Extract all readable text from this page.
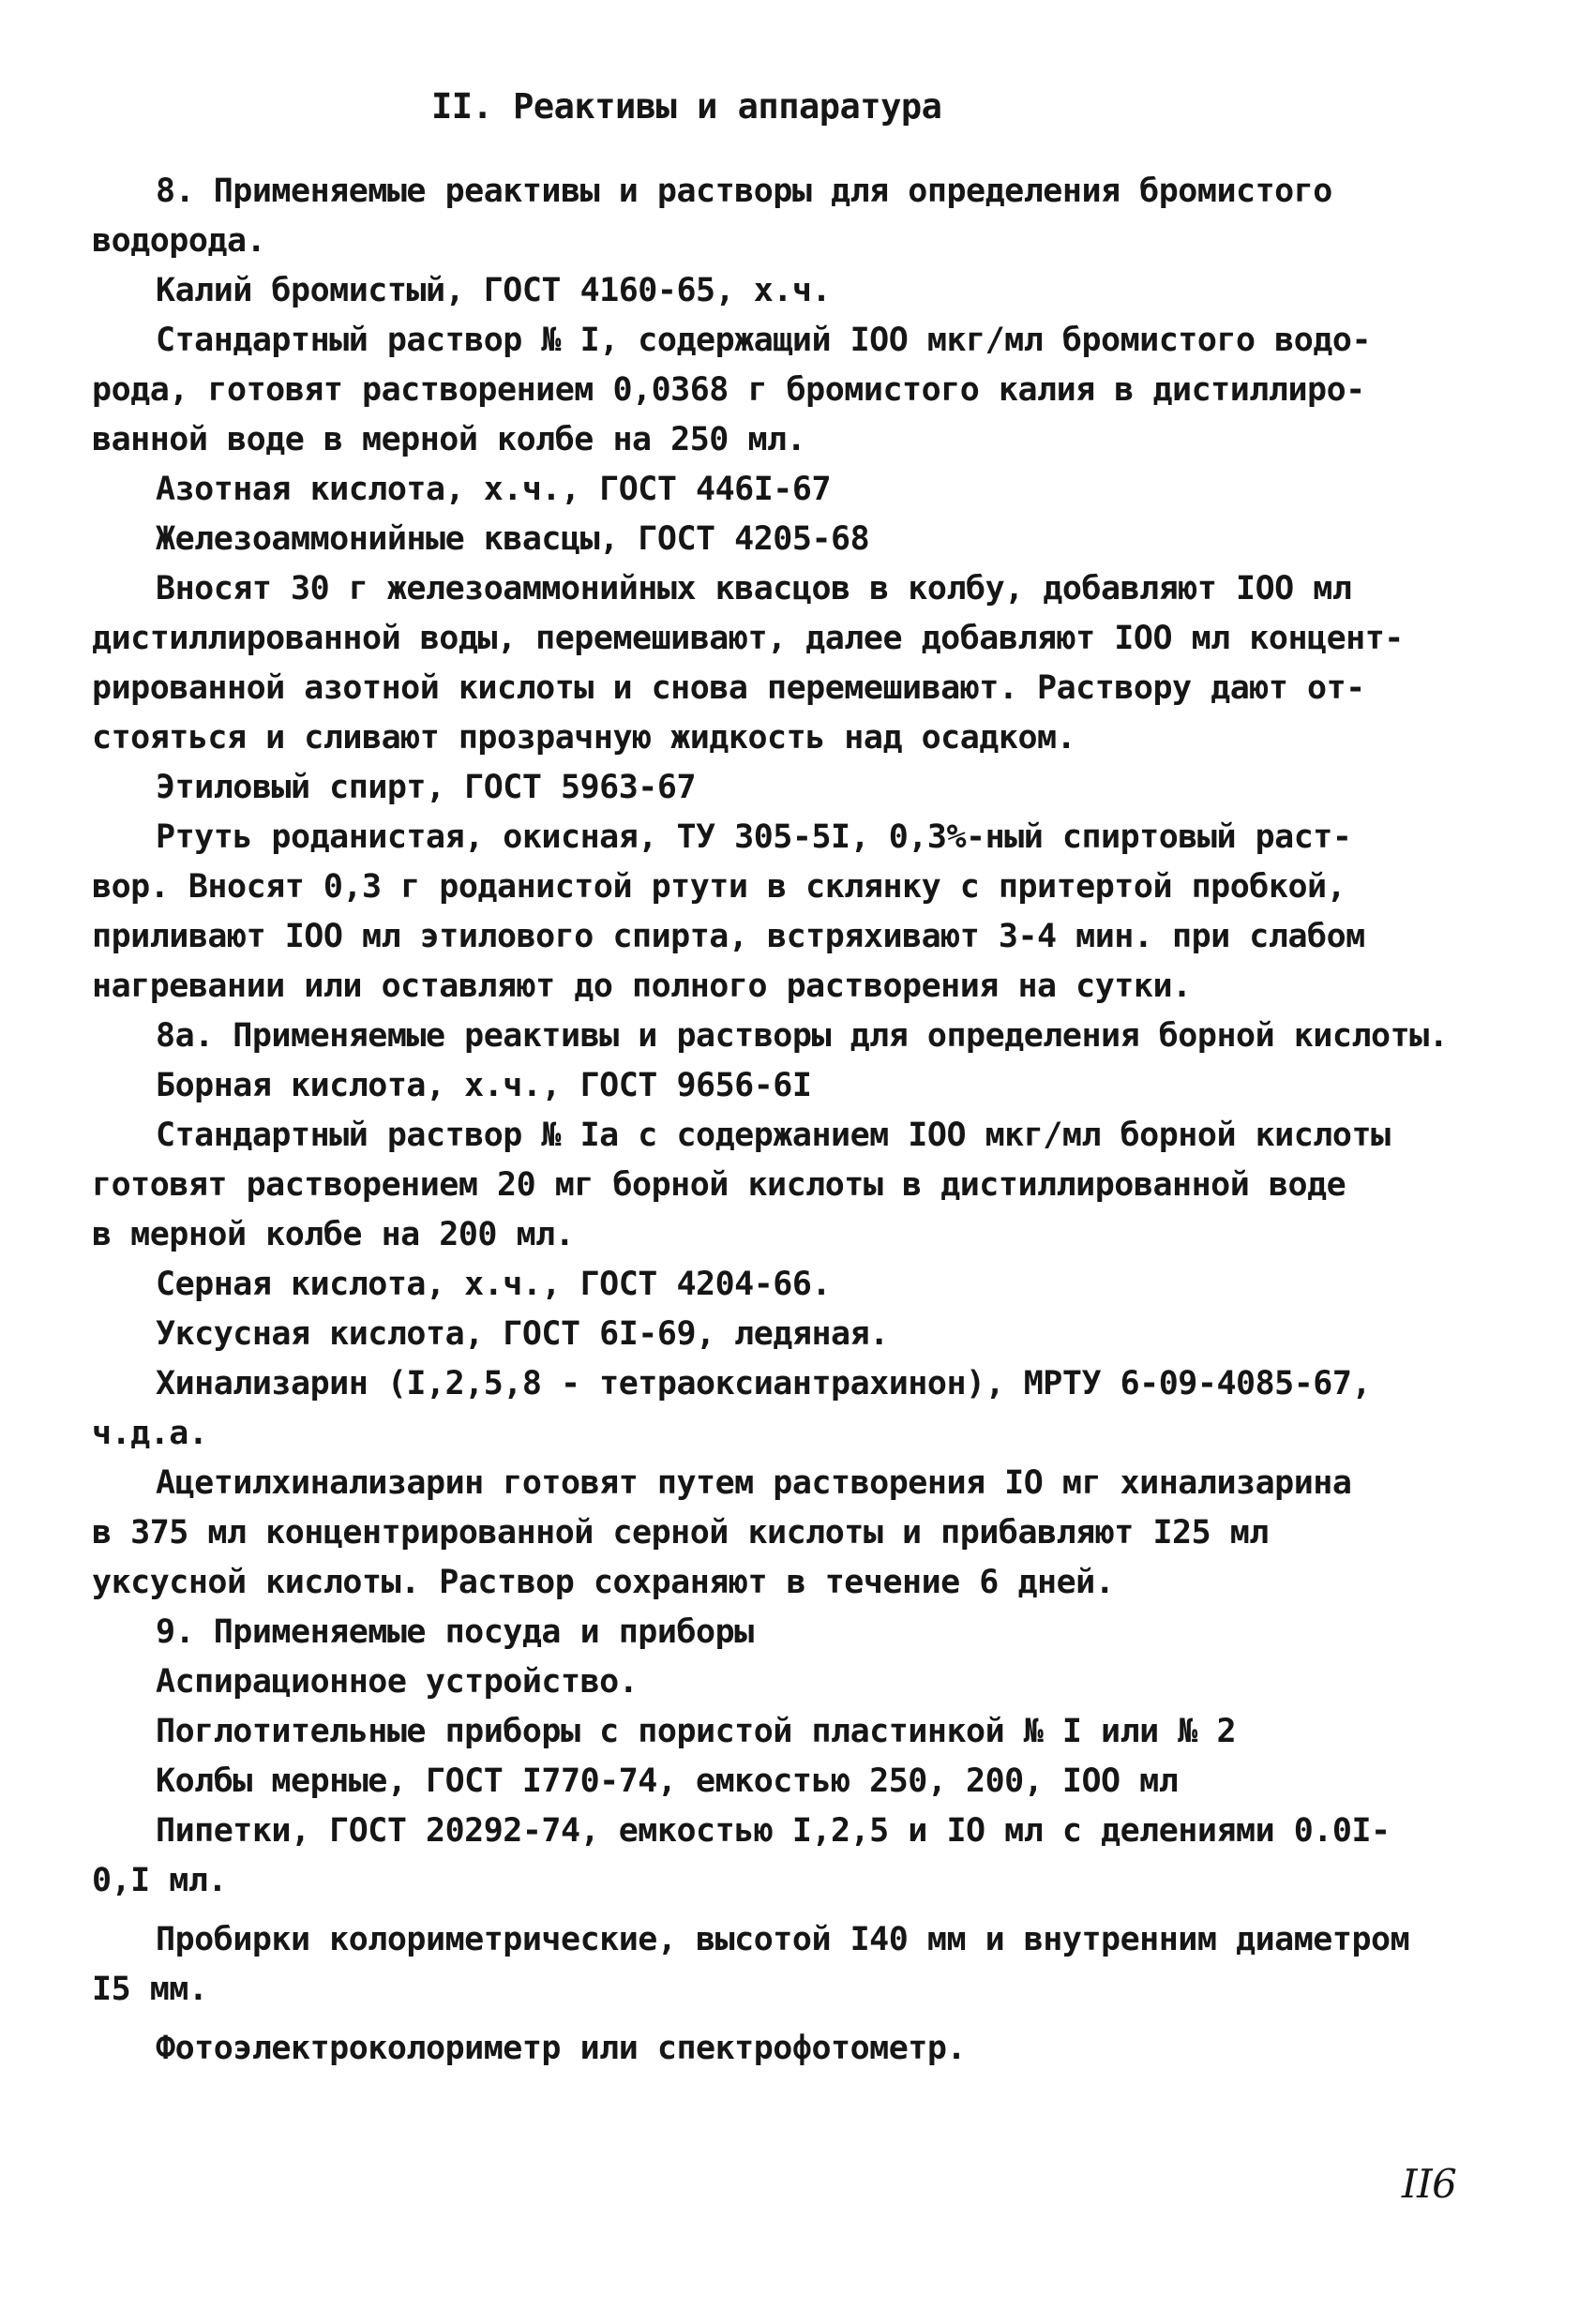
II. Реактивы и аппаратура
8. Применяемые реактивы и растворы для определения бромистого
водорода.
Калий бромистый, ГОСТ 4160-65, х.ч.
Стандартный раствор № I, содержащий IOO мкг/мл бромистого водо-
рода, готовят растворением 0,0368 г бромистого калия в дистиллиро-
ванной воде в мерной колбе на 250 мл.
Азотная кислота, х.ч., ГОСТ 446I-67
Железоаммонийные квасцы, ГОСТ 4205-68
Вносят 30 г железоаммонийных квасцов в колбу, добавляют IOO мл
дистиллированной воды, перемешивают, далее добавляют IOO мл концент-
рированной азотной кислоты и снова перемешивают. Раствору дают от-
стояться и сливают прозрачную жидкость над осадком.
Этиловый спирт, ГОСТ 5963-67
Ртуть роданистая, окисная, ТУ 305-5I, 0,3%-ный спиртовый раст-
вор. Вносят 0,3 г роданистой ртути в склянку с притертой пробкой,
приливают IOO мл этилового спирта, встряхивают 3-4 мин. при слабом
нагревании или оставляют до полного растворения на сутки.
8а. Применяемые реактивы и растворы для определения борной кислоты.
Борная кислота, х.ч., ГОСТ 9656-6I
Стандартный раствор № Iа с содержанием IOO мкг/мл борной кислоты
готовят растворением 20 мг борной кислоты в дистиллированной воде
в мерной колбе на 200 мл.
Серная кислота, х.ч., ГОСТ 4204-66.
Уксусная кислота, ГОСТ 6I-69, ледяная.
Хинализарин (I,2,5,8 - тетраоксиантрахинон), МРТУ 6-09-4085-67,
ч.д.а.
Ацетилхинализарин готовят путем растворения IO мг хинализарина
в 375 мл концентрированной серной кислоты и прибавляют I25 мл
уксусной кислоты. Раствор сохраняют в течение 6 дней.
9. Применяемые посуда и приборы
Аспирационное устройство.
Поглотительные приборы с пористой пластинкой № I или № 2
Колбы мерные, ГОСТ I770-74, емкостью 250, 200, IOO мл
Пипетки, ГОСТ 20292-74, емкостью I,2,5 и IO мл с делениями 0.0I-
0,I мл.
Пробирки колориметрические, высотой I40 мм и внутренним диаметром
I5 мм.
Фотоэлектроколориметр или спектрофотометр.
II6
